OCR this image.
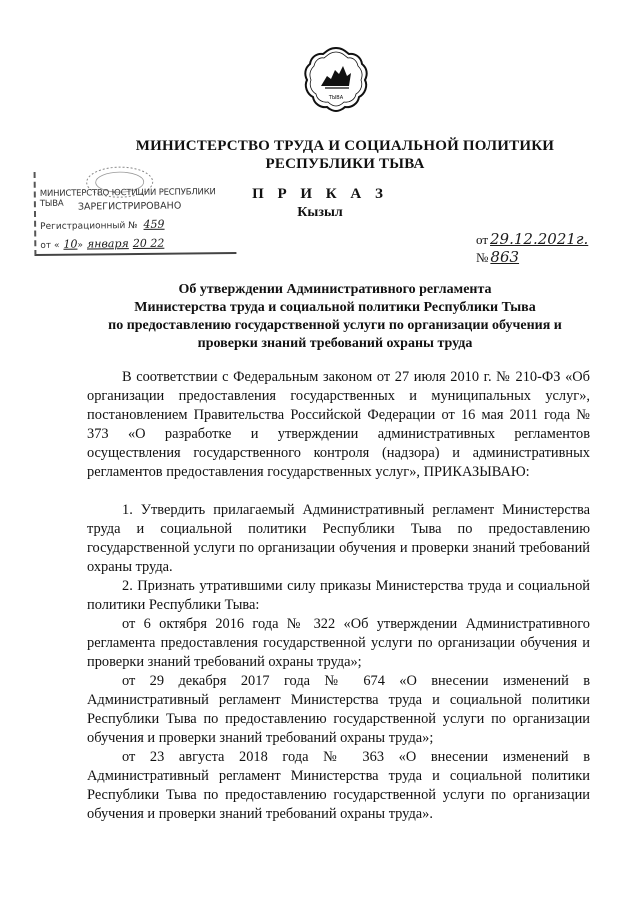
ТЫВА
МИНИСТЕРСТВО ТРУДА И СОЦИАЛЬНОЙ ПОЛИТИКИ
РЕСПУБЛИКИ ТЫВА
МИНИСТЕРСТВО ЮСТИЦИИ РЕСПУБЛИКИ ТЫВА	ЗАРЕГИСТРИРОВАНО
Регистрационный № 459
от « 10» января 20 22
П Р И К А З
Кызыл
от 29.12.2021г.
№ 863
Об утверждении Административного регламента
Министерства труда и социальной политики Республики Тыва
по предоставлению государственной услуги по организации обучения и
проверки знаний требований охраны труда

В соответствии с Федеральным законом от 27 июля 2010 г. № 210-ФЗ «Об организации предоставления государственных и муниципальных услуг», постановлением Правительства Российской Федерации от 16 мая 2011 года № 373 «О разработке и утверждении административных регламентов осуществления государственного контроля (надзора) и административных регламентов предоставления государственных услуг», ПРИКАЗЫВАЮ:

1. Утвердить прилагаемый Административный регламент Министерства труда и социальной политики Республики Тыва по предоставлению государственной услуги по организации обучения и проверки знаний требований охраны труда.

2. Признать утратившими силу приказы Министерства труда и социальной политики Республики Тыва:

от 6 октября 2016 года № 322 «Об утверждении Административного регламента предоставления государственной услуги по организации обучения и проверки знаний требований охраны труда»;

от 29 декабря 2017 года № 674 «О внесении изменений в Административный регламент Министерства труда и социальной политики Республики Тыва по предоставлению государственной услуги по организации обучения и проверки знаний требований охраны труда»;

от 23 августа 2018 года № 363 «О внесении изменений в Административный регламент Министерства труда и социальной политики Республики Тыва по предоставлению государственной услуги по организации обучения и проверки знаний требований охраны труда».
